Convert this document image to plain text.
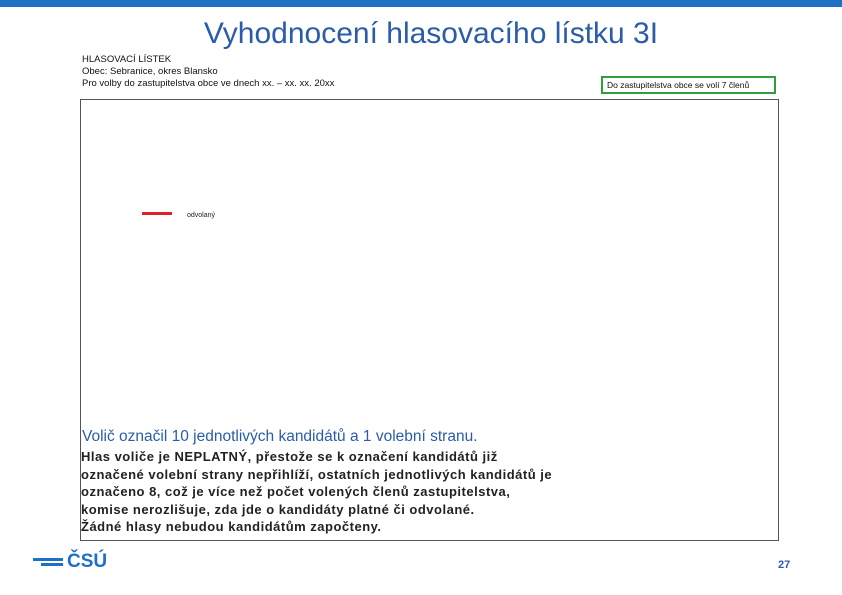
Vyhodnocení hlasovacího lístku 3I
HLASOVACÍ LÍSTEK
Obec: Sebranice, okres Blansko
Pro volby do zastupitelstva obce ve dnech xx. – xx. xx. 20xx	Do zastupitelstva obce se volí 7 členů
odvolaný
Volič označil 10 jednotlivých kandidátů a 1 volební stranu.
Hlas voliče je NEPLATNÝ, přestože se k označení kandidátů již
označené volební strany nepřihlíží, ostatních jednotlivých kandidátů je
označeno 8, což je více než počet volených členů zastupitelstva,
komise nerozlišuje, zda jde o kandidáty platné či odvolané.
Žádné hlasy nebudou kandidátům započteny.
ČSÚ	27
